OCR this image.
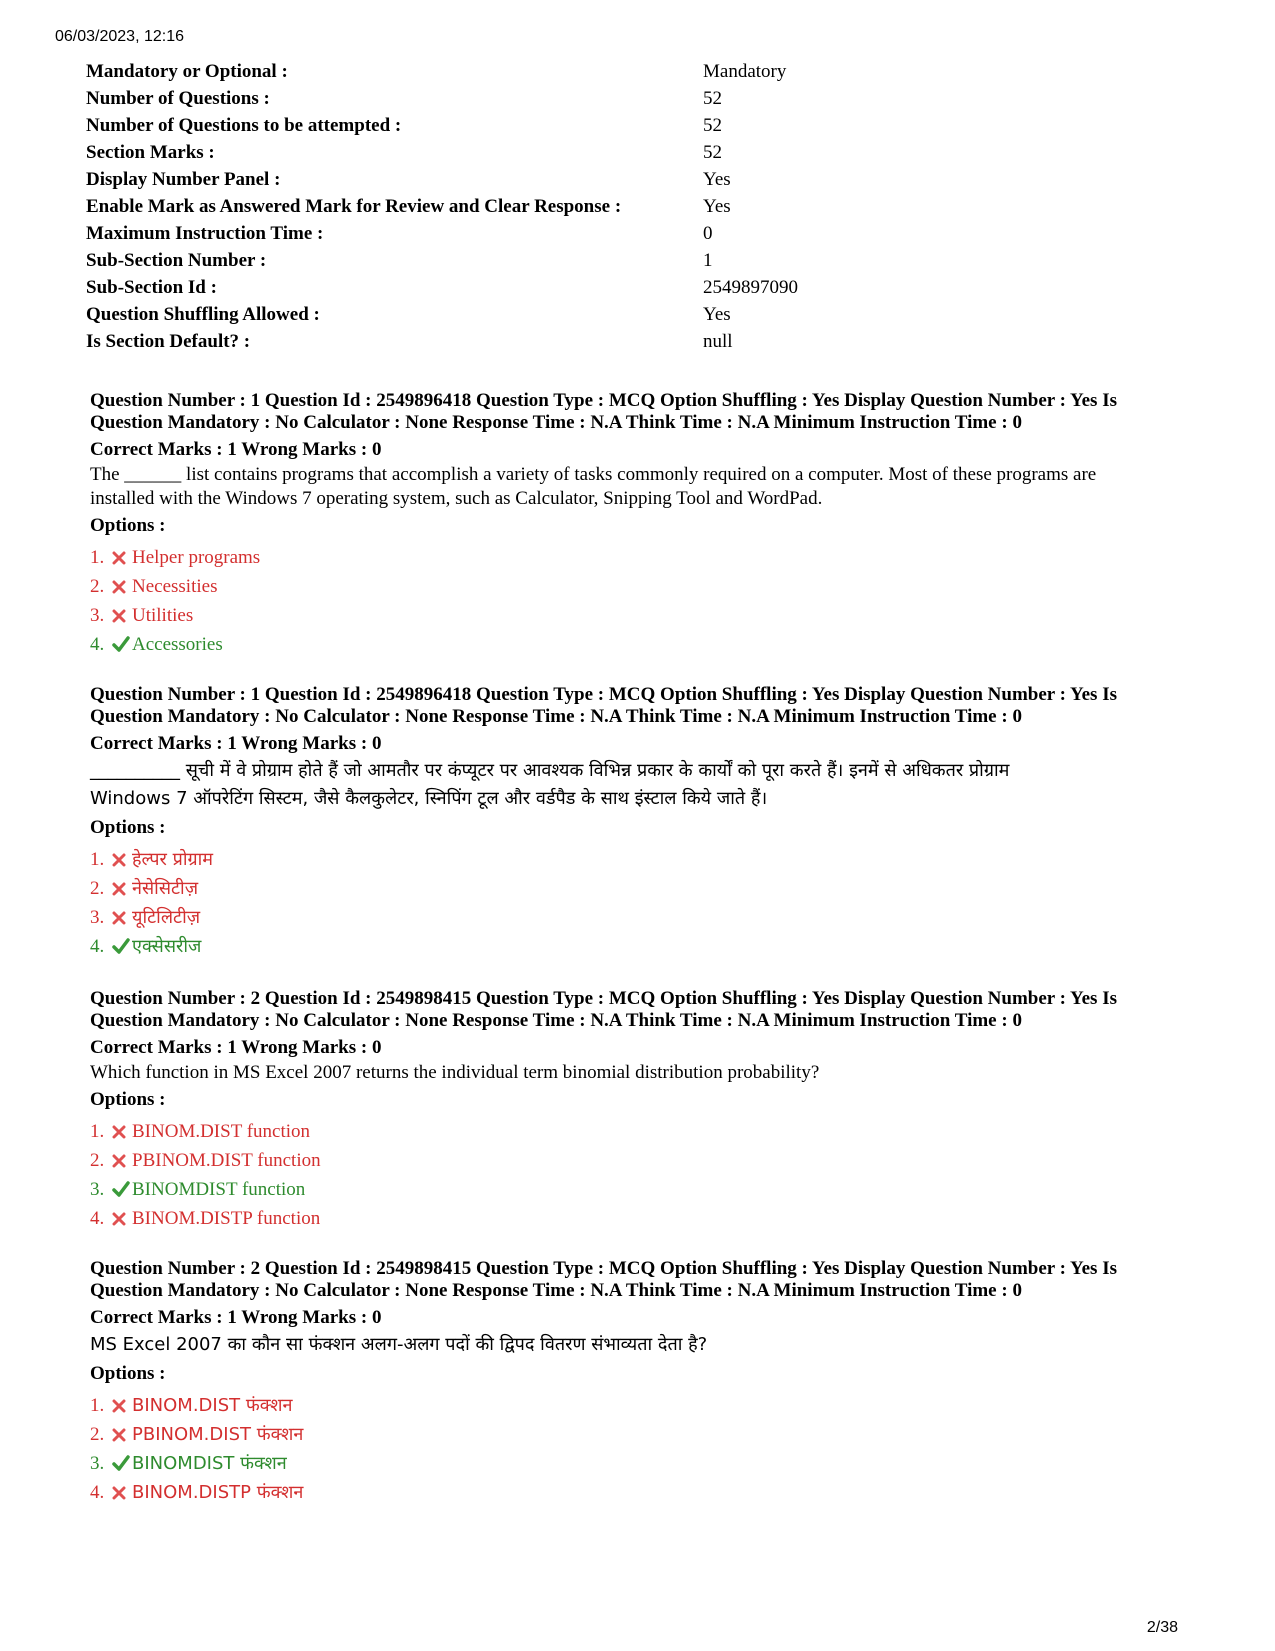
06/03/2023, 12:16
Mandatory or Optional :	Mandatory
Number of Questions :	52
Number of Questions to be attempted :	52
Section Marks :	52
Display Number Panel :	Yes
Enable Mark as Answered Mark for Review and Clear Response :	Yes
Maximum Instruction Time :	0
Sub-Section Number :	1
Sub-Section Id :	2549897090
Question Shuffling Allowed :	Yes
Is Section Default? :	null
Question Number : 1 Question Id : 2549896418 Question Type : MCQ Option Shuffling : Yes Display Question Number : Yes Is
Question Mandatory : No Calculator : None Response Time : N.A Think Time : N.A Minimum Instruction Time : 0
Correct Marks : 1 Wrong Marks : 0
The ______ list contains programs that accomplish a variety of tasks commonly required on a computer. Most of these programs are
installed with the Windows 7 operating system, such as Calculator, Snipping Tool and WordPad.
Options :
1.	Helper programs
2.	Necessities
3.	Utilities
4.	Accessories
Question Number : 1 Question Id : 2549896418 Question Type : MCQ Option Shuffling : Yes Display Question Number : Yes Is
Question Mandatory : No Calculator : None Response Time : N.A Think Time : N.A Minimum Instruction Time : 0
Correct Marks : 1 Wrong Marks : 0
__________ सूची में वे प्रोग्राम होते हैं जो आमतौर पर कंप्यूटर पर आवश्यक विभिन्न प्रकार के कार्यों को पूरा करते हैं। इनमें से अधिकतर प्रोग्राम
Windows 7 ऑपरेटिंग सिस्टम, जैसे कैलकुलेटर, स्निपिंग टूल और वर्डपैड के साथ इंस्टाल किये जाते हैं।
Options :
1.	हेल्पर प्रोग्राम
2.	नेसेसिटीज़
3.	यूटिलिटीज़
4.	एक्सेसरीज
Question Number : 2 Question Id : 2549898415 Question Type : MCQ Option Shuffling : Yes Display Question Number : Yes Is
Question Mandatory : No Calculator : None Response Time : N.A Think Time : N.A Minimum Instruction Time : 0
Correct Marks : 1 Wrong Marks : 0
Which function in MS Excel 2007 returns the individual term binomial distribution probability?
Options :
1.	BINOM.DIST function
2.	PBINOM.DIST function
3.	BINOMDIST function
4.	BINOM.DISTP function
Question Number : 2 Question Id : 2549898415 Question Type : MCQ Option Shuffling : Yes Display Question Number : Yes Is
Question Mandatory : No Calculator : None Response Time : N.A Think Time : N.A Minimum Instruction Time : 0
Correct Marks : 1 Wrong Marks : 0
MS Excel 2007 का कौन सा फंक्शन अलग-अलग पदों की द्विपद वितरण संभाव्यता देता है?
Options :
1.	BINOM.DIST फंक्शन
2.	PBINOM.DIST फंक्शन
3.	BINOMDIST फंक्शन
4.	BINOM.DISTP फंक्शन
2/38
